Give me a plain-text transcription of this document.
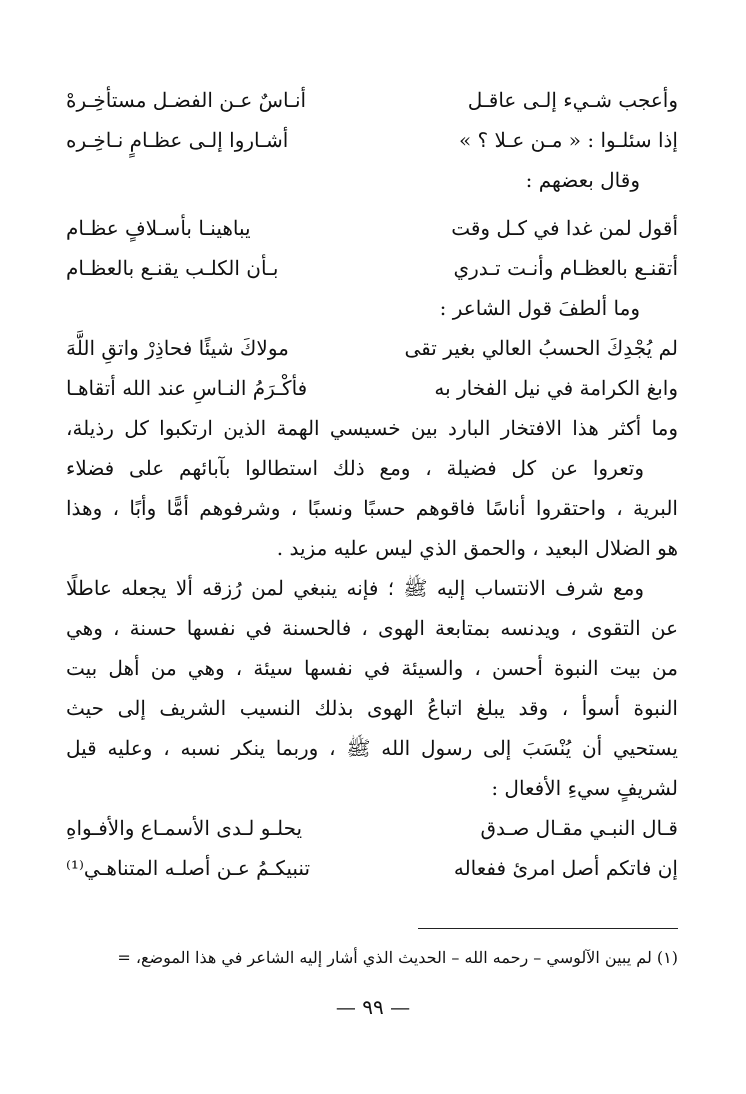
وأعجب شـيء إلـى عاقـل
أنـاسٌ عـن الفضـل مستأخِـرهْ
إذا سئلـوا : « مـن عـلا ؟ »
أشـاروا إلـى عظـامٍ نـاخِـره
وقال بعضهم :
أقول لمن غدا في كـل وقت
يباهينـا بأسـلافٍ عظـام
أتقنـع بالعظـام وأنـت تـدري
بـأن الكلـب يقنـع بالعظـام
وما ألطفَ قول الشاعر :
لم يُجْدِكَ الحسبُ العالي بغير تقى
مولاكَ شيئًا فحاذِرْ واتقِ اللَّهَ
وابغ الكرامة في نيل الفخار به
فأكْـرَمُ النـاسِ عند الله أتقاهـا
وما أكثر هذا الافتخار البارد بين خسيسي الهمة الذين ارتكبوا كل رذيلة،
وتعروا عن كل فضيلة ، ومع ذلك استطالوا بآبائهم على فضلاء
البرية ، واحتقروا أناسًا فاقوهم حسبًا ونسبًا ، وشرفوهم أمًّا وأبًا ، وهذا
هو الضلال البعيد ، والحمق الذي ليس عليه مزيد .
ومع شرف الانتساب إليه ﷺ ؛ فإنه ينبغي لمن رُزقه ألا يجعله عاطلًا
عن التقوى ، ويدنسه بمتابعة الهوى ، فالحسنة في نفسها حسنة ، وهي
من بيت النبوة أحسن ، والسيئة في نفسها سيئة ، وهي من أهل بيت
النبوة أسوأ ، وقد يبلغ اتباعُ الهوى بذلك النسيب الشريف إلى حيث
يستحيي أن يُنْسَبَ إلى رسول الله ﷺ ، وربما ينكر نسبه ، وعليه قيل
لشريفٍ سيءِ الأفعال :
قـال النبـي مقـال صـدق
يحلـو لـدى الأسمـاع والأفـواهِ
إن فاتكم أصل امرئ ففعاله
تنبيكـمُ عـن أصلـه المتناهـي⁽¹⁾
(١) لم يبين الآلوسي – رحمه الله – الحديث الذي أشار إليه الشاعر في هذا الموضع، =
— ٩٩ —
